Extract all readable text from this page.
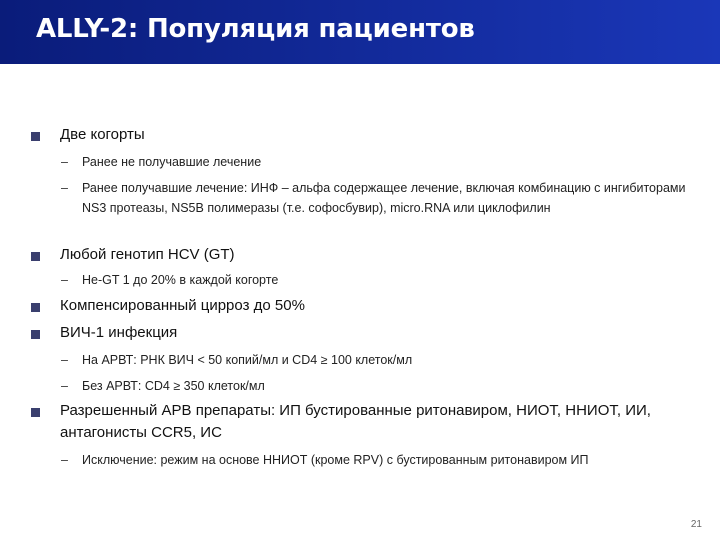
ALLY-2: Популяция пациентов
Две когорты
– Ранее не получавшие лечение
– Ранее получавшие лечение: ИНФ – альфа содержащее лечение, включая комбинацию с ингибиторами NS3 протеазы, NS5B полимеразы (т.е. софосбувир), micro.RNA или циклофилин
Любой генотип HCV (GT)
– Не-GT 1 до 20% в каждой когорте
Компенсированный цирроз до 50%
ВИЧ-1 инфекция
– На АРВТ: РНК ВИЧ < 50 копий/мл и CD4 ≥ 100 клеток/мл
– Без АРВТ: CD4 ≥ 350 клеток/мл
Разрешенный АРВ препараты: ИП бустированные ритонавиром, НИОТ, ННИОТ, ИИ, антагонисты CCR5, ИС
– Исключение: режим на основе ННИОТ (кроме RPV) с бустированным ритонавиром ИП
21
